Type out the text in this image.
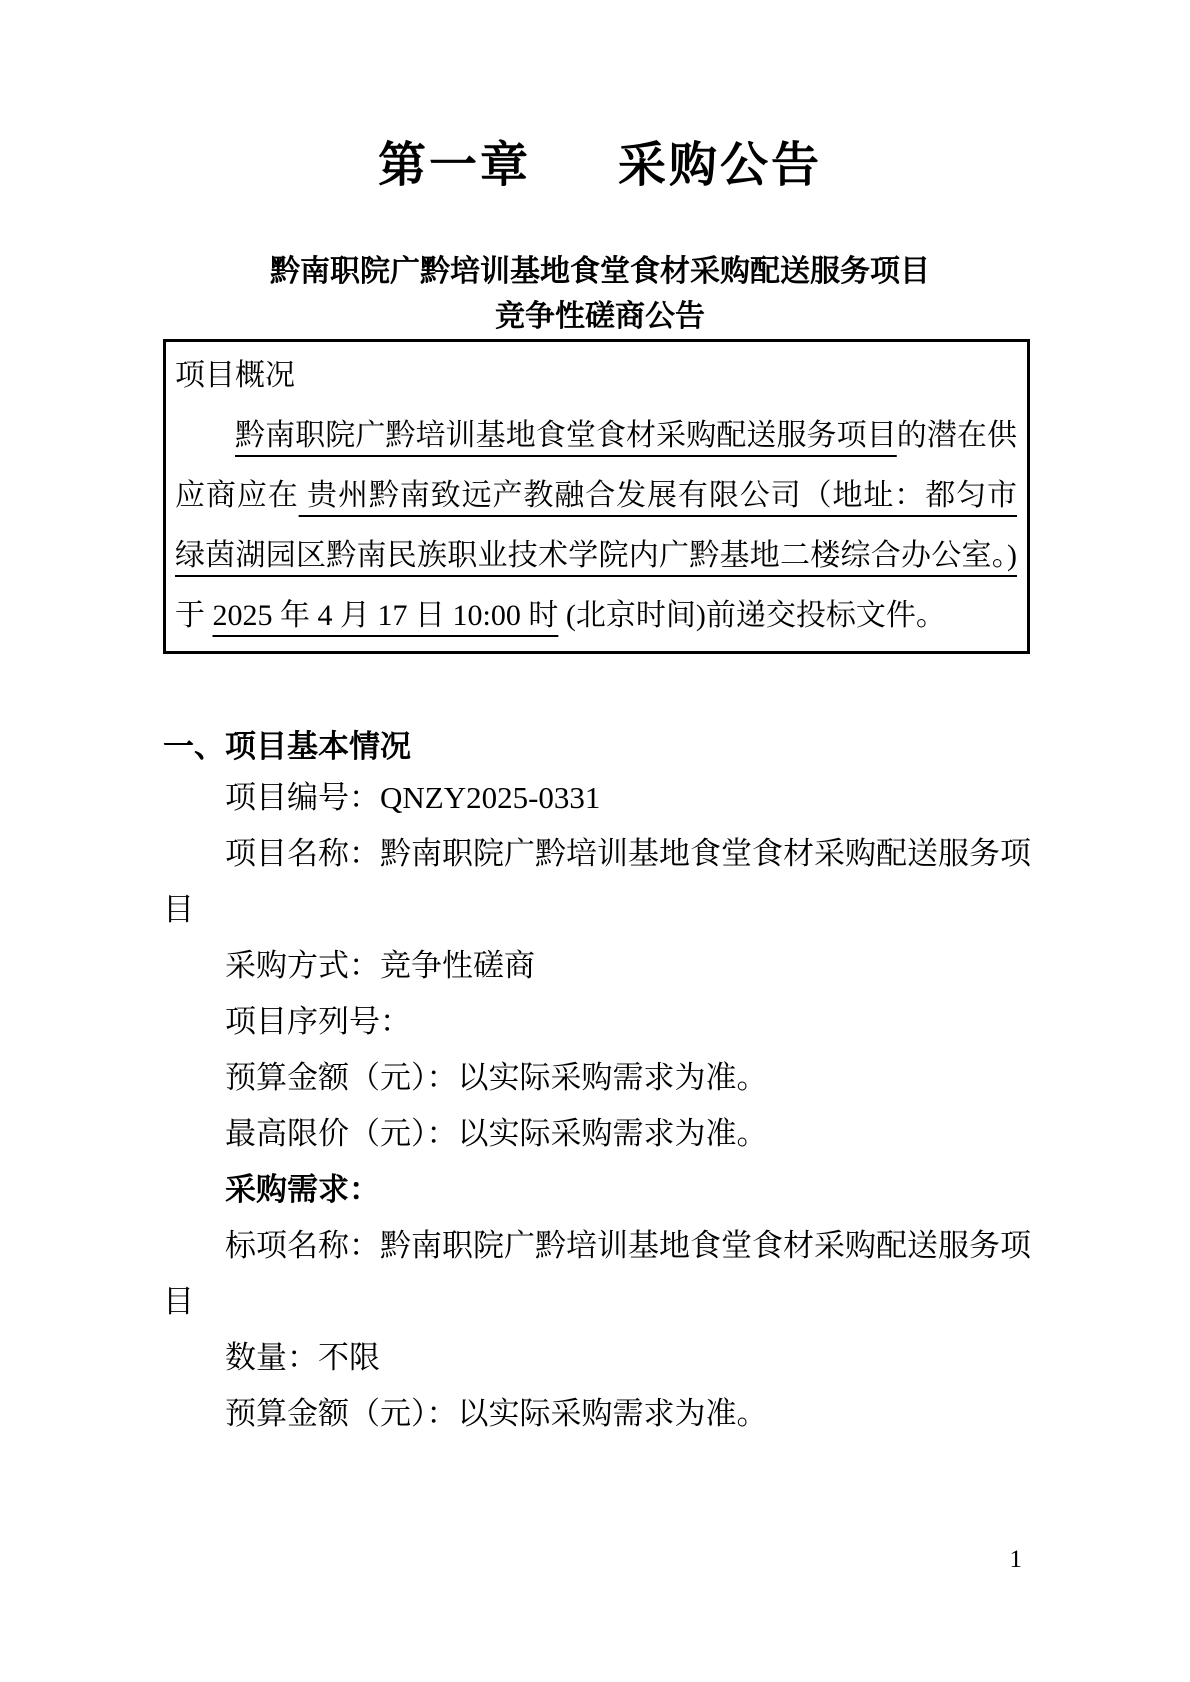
第一章 采购公告

黔南职院广黔培训基地食堂食材采购配送服务项目

竞争性磋商公告

项目概况

黔南职院广黔培训基地食堂食材采购配送服务项目的潜在供应商应在 贵州黔南致远产教融合发展有限公司（地址：都匀市绿茵湖园区黔南民族职业技术学院内广黔基地二楼综合办公室。)于 2025 年 4 月 17 日 10:00 时 (北京时间)前递交投标文件。

一、项目基本情况

项目编号：QNZY2025-0331

项目名称：黔南职院广黔培训基地食堂食材采购配送服务项目

采购方式：竞争性磋商

项目序列号：

预算金额（元）：以实际采购需求为准。

最高限价（元）：以实际采购需求为准。

采购需求：

标项名称：黔南职院广黔培训基地食堂食材采购配送服务项目

数量：不限

预算金额（元）：以实际采购需求为准。

1
